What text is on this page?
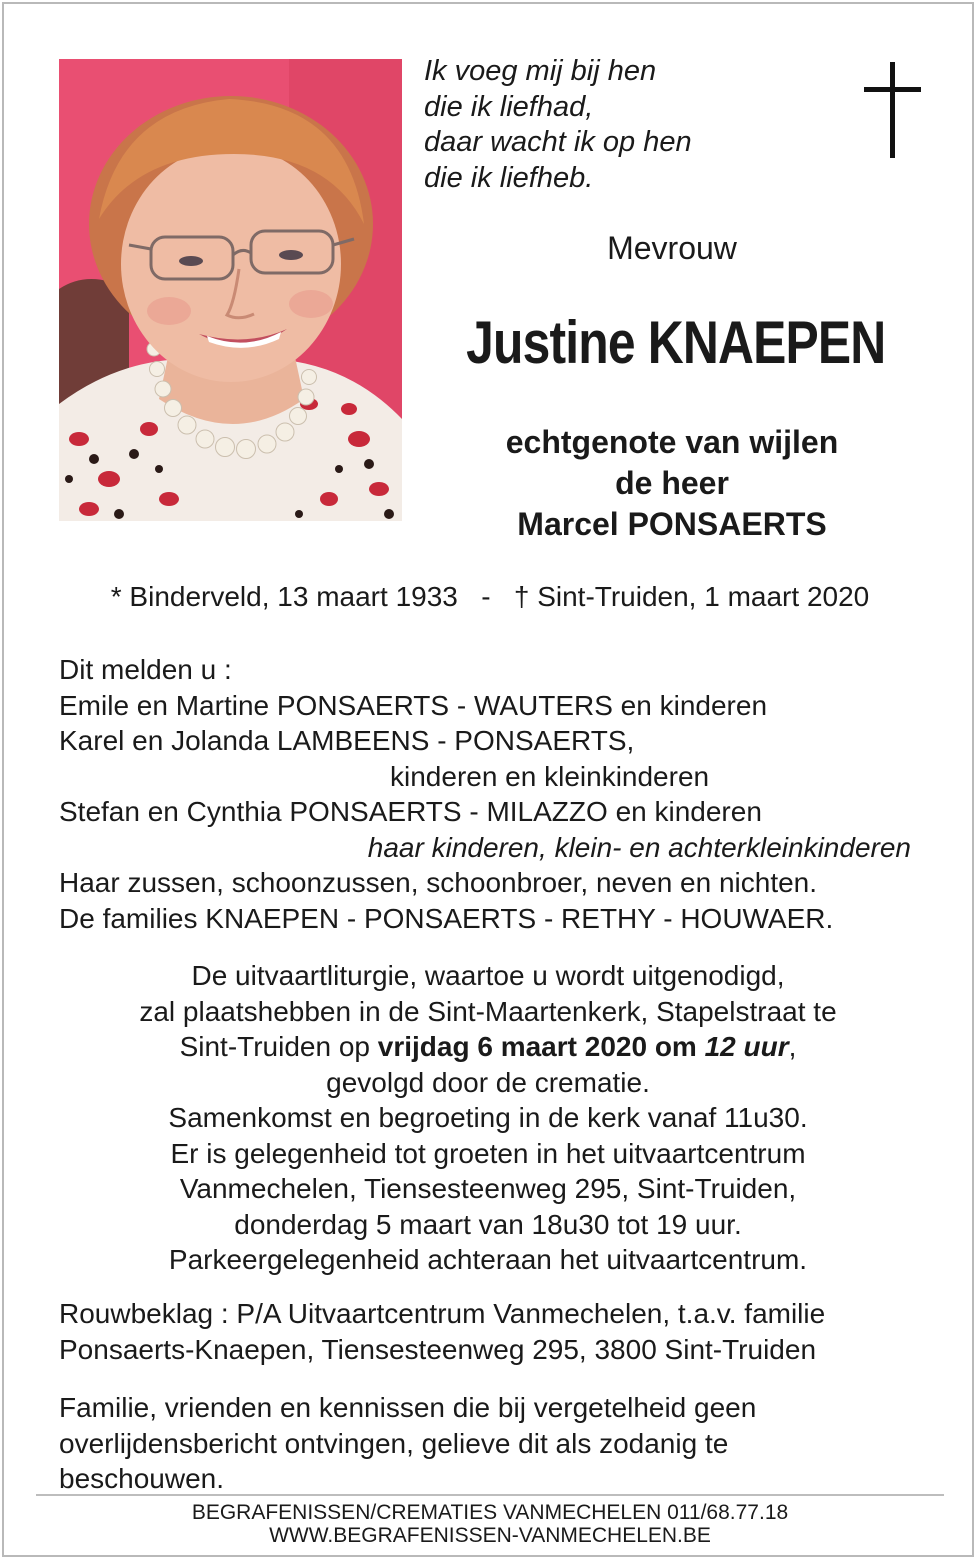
Ik voeg mij bij hen
die ik liefhad,
daar wacht ik op hen
die ik liefheb.
Mevrouw
Justine KNAEPEN
echtgenote van wijlen
de heer
Marcel PONSAERTS
* Binderveld, 13 maart 1933 - † Sint-Truiden, 1 maart 2020
Dit melden u :
Emile en Martine PONSAERTS - WAUTERS en kinderen
Karel en Jolanda LAMBEENS - PONSAERTS,
kinderen en kleinkinderen
Stefan en Cynthia PONSAERTS - MILAZZO en kinderen
haar kinderen, klein- en achterkleinkinderen
Haar zussen, schoonzussen, schoonbroer, neven en nichten.
De families KNAEPEN - PONSAERTS - RETHY - HOUWAER.
De uitvaartliturgie, waartoe u wordt uitgenodigd,
zal plaatshebben in de Sint-Maartenkerk, Stapelstraat te
Sint-Truiden op vrijdag 6 maart 2020 om 12 uur,
gevolgd door de crematie.
Samenkomst en begroeting in de kerk vanaf 11u30.
Er is gelegenheid tot groeten in het uitvaartcentrum
Vanmechelen, Tiensesteenweg 295, Sint-Truiden,
donderdag 5 maart van 18u30 tot 19 uur.
Parkeergelegenheid achteraan het uitvaartcentrum.
Rouwbeklag : P/A Uitvaartcentrum Vanmechelen, t.a.v. familie
Ponsaerts-Knaepen, Tiensesteenweg 295, 3800 Sint-Truiden
Familie, vrienden en kennissen die bij vergetelheid geen
overlijdensbericht ontvingen, gelieve dit als zodanig te
beschouwen.
BEGRAFENISSEN/CREMATIES VANMECHELEN 011/68.77.18
WWW.BEGRAFENISSEN-VANMECHELEN.BE
